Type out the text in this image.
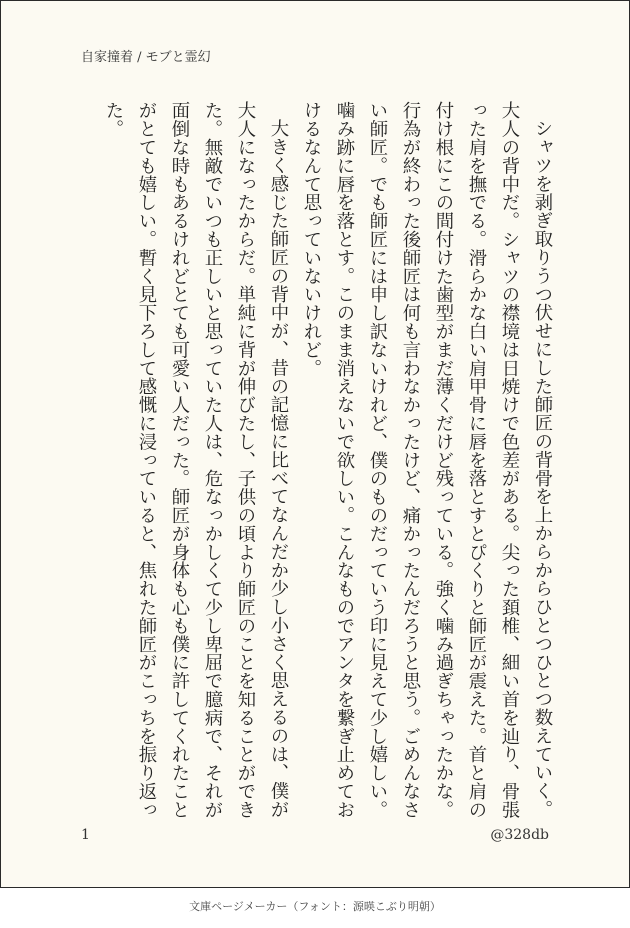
自家撞着 / モブと霊幻

シャツを剥ぎ取りうつ伏せにした師匠の背骨を上からからひとつひとつ数えていく。大人の背中だ。シャツの襟境は日焼けで色差がある。尖った頚椎、細い首を辿り、骨張った肩を撫でる。滑らかな白い肩甲骨に唇を落とすとぴくりと師匠が震えた。首と肩の付け根にこの間付けた歯型がまだ薄くだけど残っている。強く噛み過ぎちゃったかな。行為が終わった後師匠は何も言わなかったけど、痛かったんだろうと思う。ごめんなさい師匠。でも師匠には申し訳ないけれど、僕のものだっていう印に見えて少し嬉しい。噛み跡に唇を落とす。このまま消えないで欲しい。こんなものでアンタを繋ぎ止めておけるなんて思っていないけれど。

大きく感じた師匠の背中が、昔の記憶に比べてなんだか少し小さく思えるのは、僕が大人になったからだ。単純に背が伸びたし、子供の頃より師匠のことを知ることができた。無敵でいつも正しいと思っていた人は、危なっかしくて少し卑屈で臆病で、それが面倒な時もあるけれどとても可愛い人だった。師匠が身体も心も僕に許してくれたことがとても嬉しい。暫く見下ろして感慨に浸っていると、焦れた師匠がこっちを振り返った。

1	@328db
文庫ページメーカー（フォント：源暎こぶり明朝）
